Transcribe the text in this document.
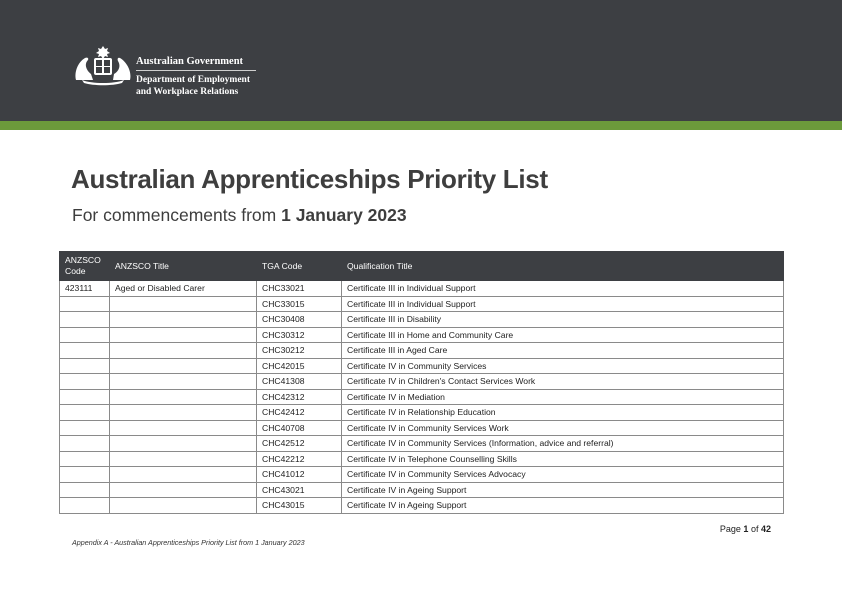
Australian Government
Department of Employment
and Workplace Relations
Australian Apprenticeships Priority List
For commencements from 1 January 2023
ANZSCO Code	ANZSCO Title	TGA Code	Qualification Title
423111	Aged or Disabled Carer	CHC33021	Certificate III in Individual Support
		CHC33015	Certificate III in Individual Support
		CHC30408	Certificate III in Disability
		CHC30312	Certificate III in Home and Community Care
		CHC30212	Certificate III in Aged Care
		CHC42015	Certificate IV in Community Services
		CHC41308	Certificate IV in Children's Contact Services Work
		CHC42312	Certificate IV in Mediation
		CHC42412	Certificate IV in Relationship Education
		CHC40708	Certificate IV in Community Services Work
		CHC42512	Certificate IV in Community Services (Information, advice and referral)
		CHC42212	Certificate IV in Telephone Counselling Skills
		CHC41012	Certificate IV in Community Services Advocacy
		CHC43021	Certificate IV in Ageing Support
		CHC43015	Certificate IV in Ageing Support
Page 1 of 42
Appendix A - Australian Apprenticeships Priority List from 1 January 2023
